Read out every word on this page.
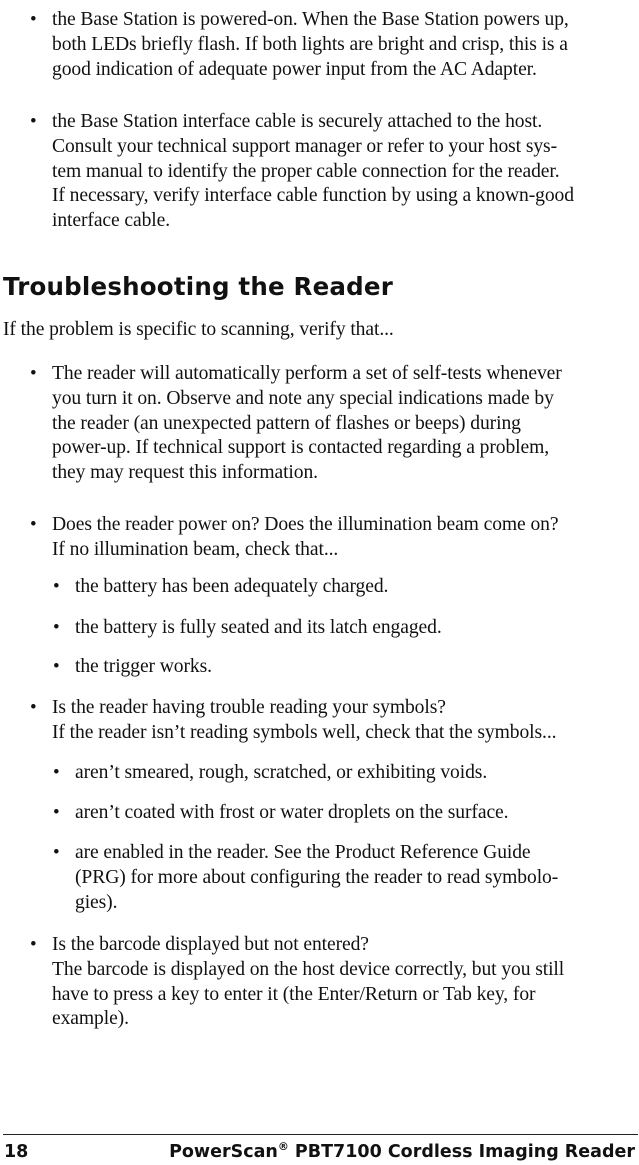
• the Base Station is powered-on. When the Base Station powers up,
both LEDs briefly flash. If both lights are bright and crisp, this is a
good indication of adequate power input from the AC Adapter.
• the Base Station interface cable is securely attached to the host.
Consult your technical support manager or refer to your host sys-
tem manual to identify the proper cable connection for the reader.
If necessary, verify interface cable function by using a known-good
interface cable.
Troubleshooting the Reader
If the problem is specific to scanning, verify that...
• The reader will automatically perform a set of self-tests whenever
you turn it on. Observe and note any special indications made by
the reader (an unexpected pattern of flashes or beeps) during
power-up. If technical support is contacted regarding a problem,
they may request this information.
• Does the reader power on? Does the illumination beam come on?
If no illumination beam, check that...
• the battery has been adequately charged.
• the battery is fully seated and its latch engaged.
• the trigger works.
• Is the reader having trouble reading your symbols?
If the reader isn’t reading symbols well, check that the symbols...
• aren’t smeared, rough, scratched, or exhibiting voids.
• aren’t coated with frost or water droplets on the surface.
• are enabled in the reader. See the Product Reference Guide
(PRG) for more about configuring the reader to read symbolo-
gies).
• Is the barcode displayed but not entered?
The barcode is displayed on the host device correctly, but you still
have to press a key to enter it (the Enter/Return or Tab key, for
example).
18	PowerScan® PBT7100 Cordless Imaging Reader
